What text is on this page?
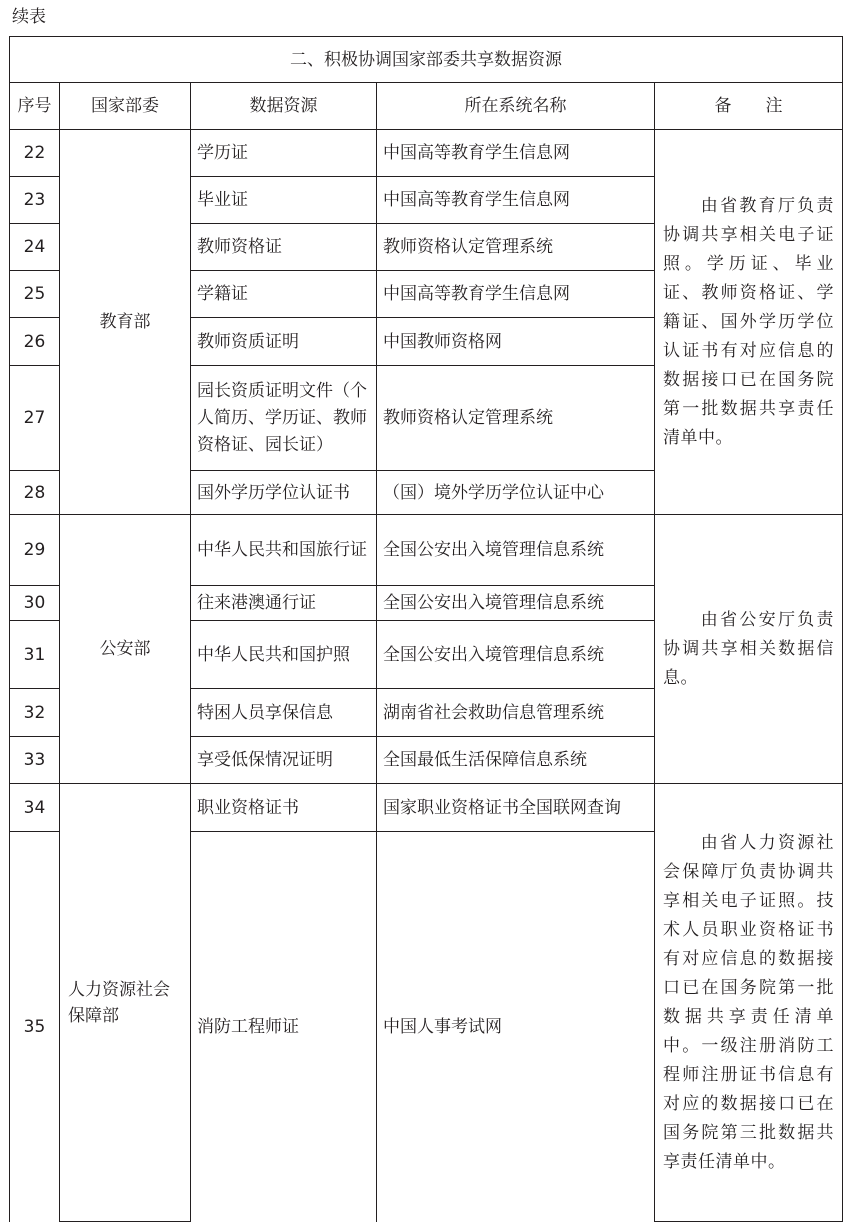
续表
二、积极协调国家部委共享数据资源				
序号	国家部委	数据资源	所在系统名称	备　　注
22	教育部	学历证	中国高等教育学生信息网	由省教育厅负责协调共享相关电子证照。学历证、毕业证、教师资格证、学籍证、国外学历学位认证书有对应信息的数据接口已在国务院第一批数据共享责任清单中。
23		毕业证	中国高等教育学生信息网	
24		教师资格证	教师资格认定管理系统	
25		学籍证	中国高等教育学生信息网	
26		教师资质证明	中国教师资格网	
27		园长资质证明文件（个人简历、学历证、教师资格证、园长证）	教师资格认定管理系统	
28		国外学历学位认证书	（国）境外学历学位认证中心	
29	公安部	中华人民共和国旅行证	全国公安出入境管理信息系统	由省公安厅负责协调共享相关数据信息。
30		往来港澳通行证	全国公安出入境管理信息系统	
31		中华人民共和国护照	全国公安出入境管理信息系统	
32		特困人员享保信息	湖南省社会救助信息管理系统	
33		享受低保情况证明	全国最低生活保障信息系统	
34	人力资源社会保障部	职业资格证书	国家职业资格证书全国联网查询	由省人力资源社会保障厅负责协调共享相关电子证照。技术人员职业资格证书有对应信息的数据接口已在国务院第一批数据共享责任清单中。一级注册消防工程师注册证书信息有对应的数据接口已在国务院第三批数据共享责任清单中。
35		消防工程师证	中国人事考试网	
